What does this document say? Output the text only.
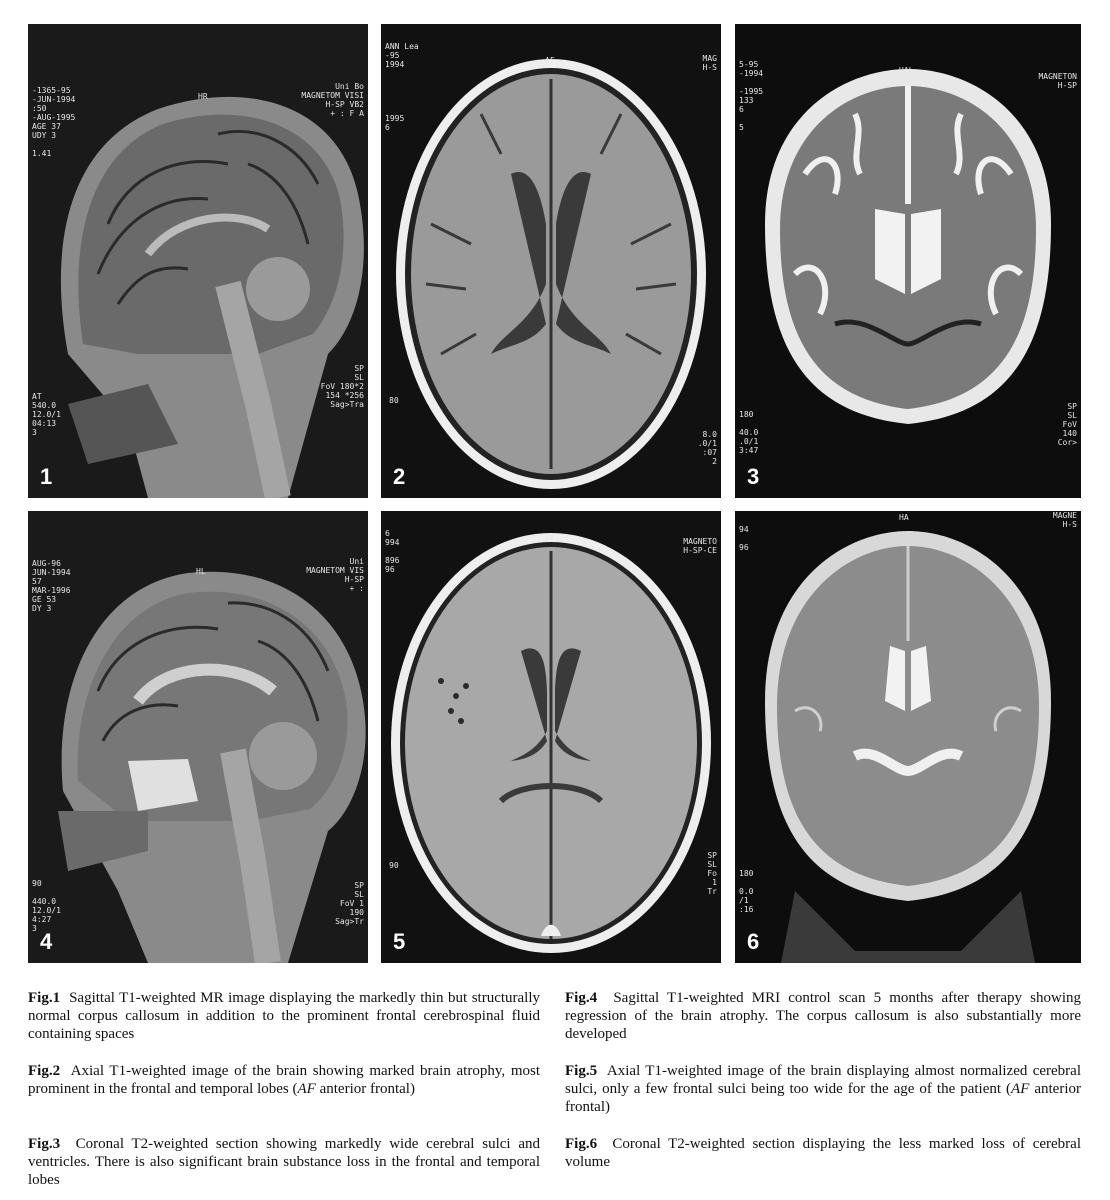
-1365-95
-JUN-1994
:50
-AUG-1995
AGE 37
UDY 3

1.41
HR
Uni Bo
MAGNETOM VISI
H-SP VB2
+ : F A
AT
540.0
12.0/1
04:13
3
SP
SL
FoV 180*2
154 *256
Sag>Tra
1
ANN Lea
-95
1994

1995
6
AF	MAG
H-S
80
8.0
.0/1
:07
2
2
5-95
-1994

-1995
133
6

5
HAL
MAGNETON
H-SP
180

40.0
.0/1
3:47
SP
SL
FoV
140
Cor>
3
AUG-96
JUN-1994
57
MAR-1996
GE 53
DY 3
HL
Uni
MAGNETOM VIS
H-SP
+ :
90

440.0
12.0/1
4:27
3
SP
SL
FoV 1
190
Sag>Tr
4
6
994

896
96
AF	MAGNETO
H-SP-CE
90
SP
SL
Fo
1
Tr
5
94

96
HA	MAGNE
H-S
180

0.0
/1
:16
6
Fig.1 Sagittal T1-weighted MR image displaying the markedly thin but structurally normal corpus callosum in addition to the prominent frontal cerebrospinal fluid containing spaces
Fig.2 Axial T1-weighted image of the brain showing marked brain atrophy, most prominent in the frontal and temporal lobes (AF anterior frontal)
Fig.3 Coronal T2-weighted section showing markedly wide cerebral sulci and ventricles. There is also significant brain substance loss in the frontal and temporal lobes
Fig.4 Sagittal T1-weighted MRI control scan 5 months after therapy showing regression of the brain atrophy. The corpus callosum is also substantially more developed
Fig.5 Axial T1-weighted image of the brain displaying almost normalized cerebral sulci, only a few frontal sulci being too wide for the age of the patient (AF anterior frontal)
Fig.6 Coronal T2-weighted section displaying the less marked loss of cerebral volume
